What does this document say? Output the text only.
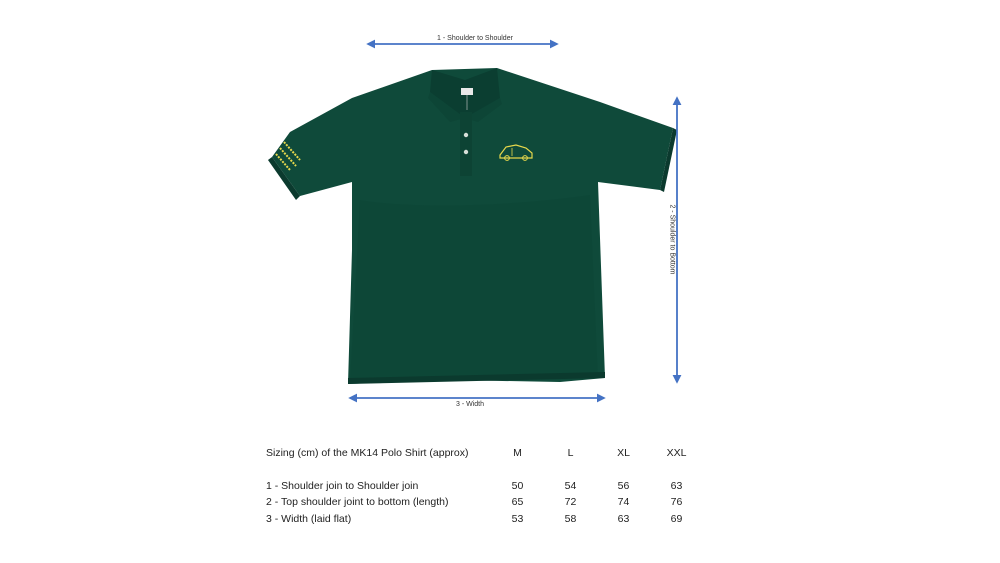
1 - Shoulder to Shoulder
2 - Shoulder to Bottom
3 - Width
Sizing (cm) of the MK14 Polo Shirt (approx)	M	L	XL	XXL

1 - Shoulder join to Shoulder join	50	54	56	63
2 - Top shoulder joint to bottom (length)	65	72	74	76
3 - Width (laid flat)	53	58	63	69
